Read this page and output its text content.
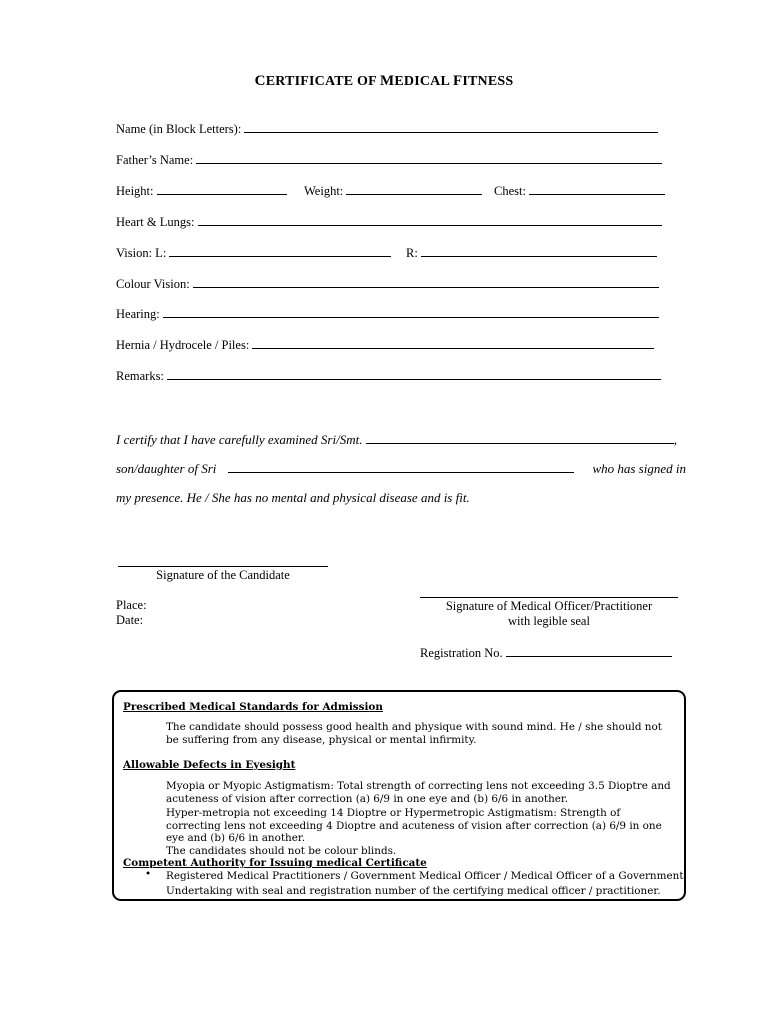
CERTIFICATE OF MEDICAL FITNESS
Name (in Block Letters):
Father’s Name:
Height:	Weight:	Chest:
Heart & Lungs:
Vision: L:	R:
Colour Vision:
Hearing:
Hernia / Hydrocele / Piles:
Remarks:
I certify that I have carefully examined Sri/Smt.	,
son/daughter of Sri	who has signed in
my presence. He / She has no mental and physical disease and is fit.
Signature of the Candidate
Signature of Medical Officer/Practitioner
with legible seal
Place:
Date:
Registration No.
Prescribed Medical Standards for Admission
The candidate should possess good health and physique with sound mind. He / she should not be suffering from any disease, physical or mental infirmity.
Allowable Defects in Eyesight
Myopia or Myopic Astigmatism: Total strength of correcting lens not exceeding 3.5 Dioptre and acuteness of vision after correction (a) 6/9 in one eye and (b) 6/6 in another.
Hyper-metropia not exceeding 14 Dioptre or Hypermetropic Astigmatism: Strength of correcting lens not exceeding 4 Dioptre and acuteness of vision after correction (a) 6/9 in one eye and (b) 6/6 in another.
The candidates should not be colour blinds.
Competent Authority for Issuing medical Certificate
•	Registered Medical Practitioners / Government Medical Officer / Medical Officer of a Government
Undertaking with seal and registration number of the certifying medical officer / practitioner.
